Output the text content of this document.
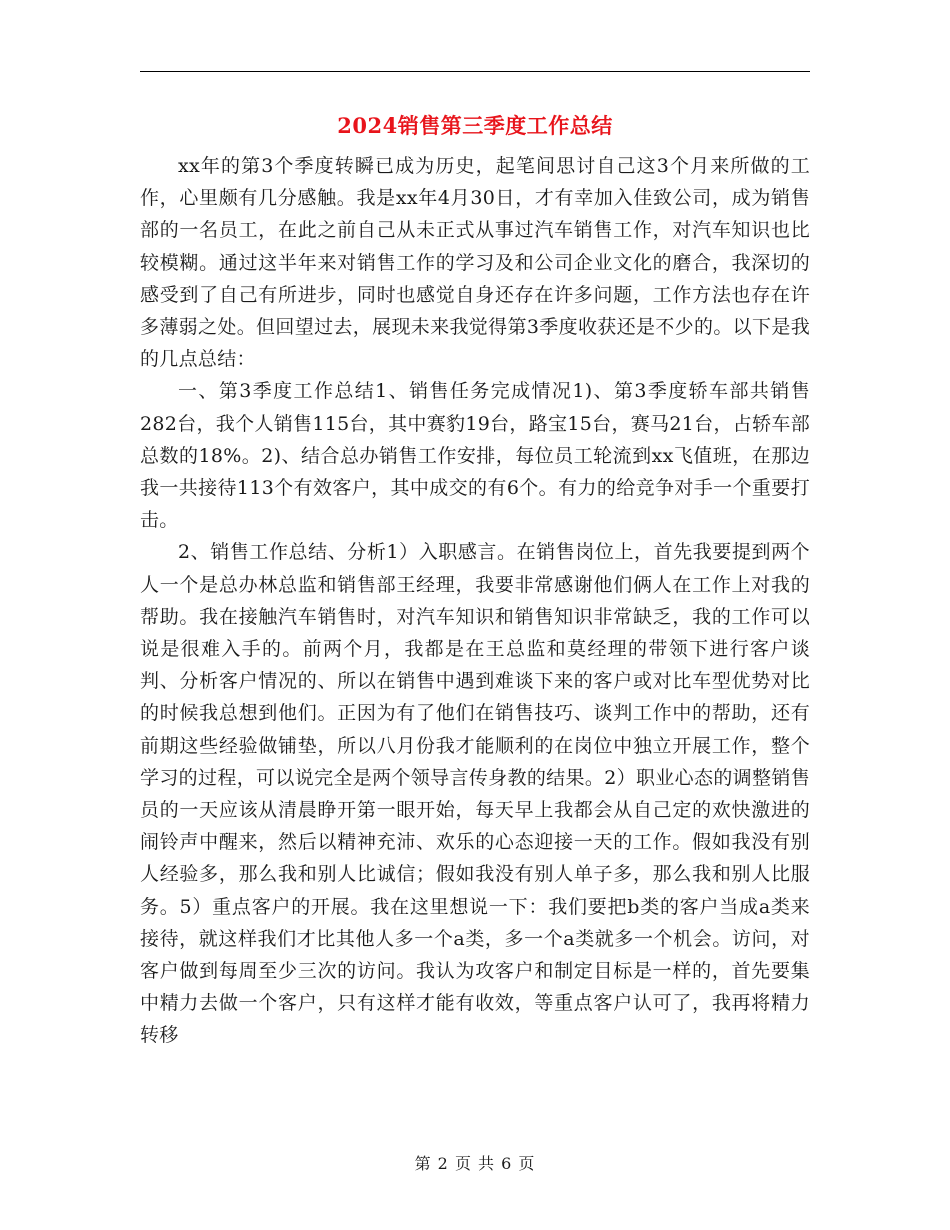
2024销售第三季度工作总结

xx年的第3个季度转瞬已成为历史，起笔间思讨自己这3个月来所做的工作，心里颇有几分感触。我是xx年4月30日，才有幸加入佳致公司，成为销售部的一名员工，在此之前自己从未正式从事过汽车销售工作，对汽车知识也比较模糊。通过这半年来对销售工作的学习及和公司企业文化的磨合，我深切的感受到了自己有所进步，同时也感觉自身还存在许多问题，工作方法也存在许多薄弱之处。但回望过去，展现未来我觉得第3季度收获还是不少的。以下是我的几点总结：

一、第3季度工作总结1、销售任务完成情况1)、第3季度轿车部共销售282台，我个人销售115台，其中赛豹19台，路宝15台，赛马21台，占轿车部总数的18%。2)、结合总办销售工作安排，每位员工轮流到xx飞值班，在那边我一共接待113个有效客户，其中成交的有6个。有力的给竞争对手一个重要打击。

2、销售工作总结、分析1）入职感言。在销售岗位上，首先我要提到两个人一个是总办林总监和销售部王经理，我要非常感谢他们俩人在工作上对我的帮助。我在接触汽车销售时，对汽车知识和销售知识非常缺乏，我的工作可以说是很难入手的。前两个月，我都是在王总监和莫经理的带领下进行客户谈判、分析客户情况的、所以在销售中遇到难谈下来的客户或对比车型优势对比的时候我总想到他们。正因为有了他们在销售技巧、谈判工作中的帮助，还有前期这些经验做铺垫，所以八月份我才能顺利的在岗位中独立开展工作，整个学习的过程，可以说完全是两个领导言传身教的结果。2）职业心态的调整销售员的一天应该从清晨睁开第一眼开始，每天早上我都会从自己定的欢快激进的闹铃声中醒来，然后以精神充沛、欢乐的心态迎接一天的工作。假如我没有别人经验多，那么我和别人比诚信；假如我没有别人单子多，那么我和别人比服务。5）重点客户的开展。我在这里想说一下：我们要把b类的客户当成a类来接待，就这样我们才比其他人多一个a类，多一个a类就多一个机会。访问，对客户做到每周至少三次的访问。我认为攻客户和制定目标是一样的，首先要集中精力去做一个客户，只有这样才能有收效，等重点客户认可了，我再将精力转移

第 2 页 共 6 页
